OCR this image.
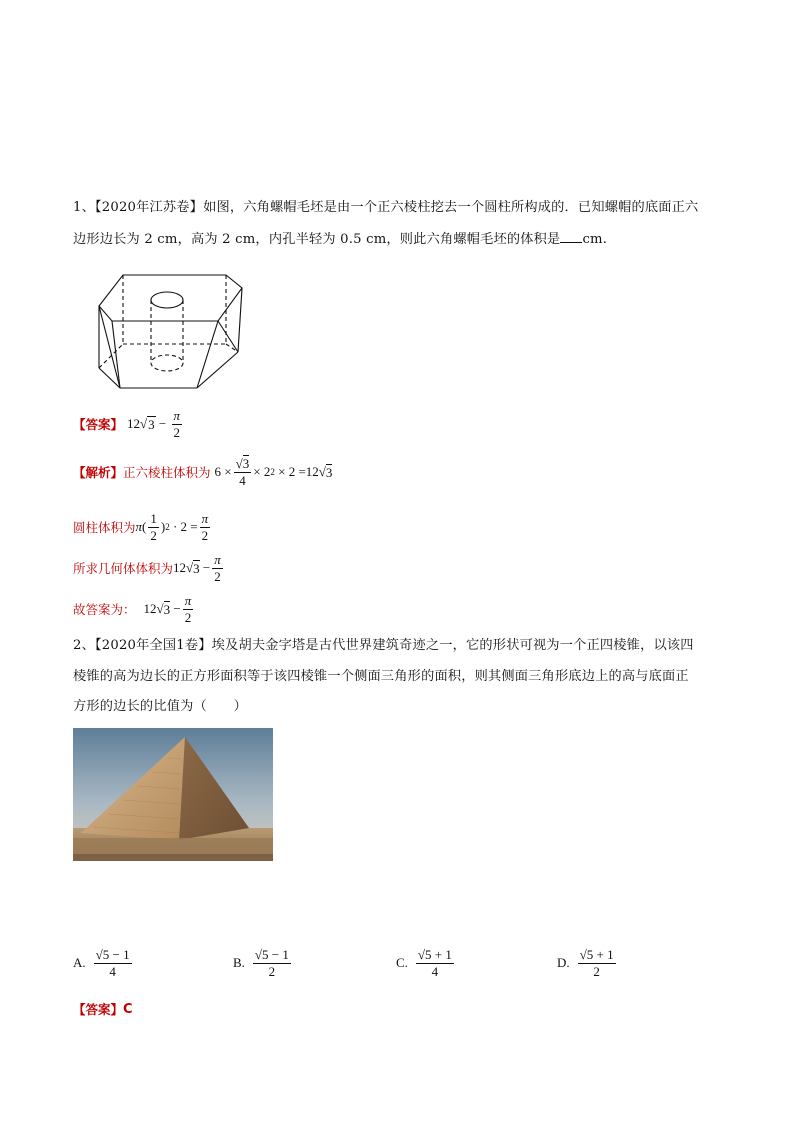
1、【2020年江苏卷】如图，六角螺帽毛坯是由一个正六棱柱挖去一个圆柱所构成的．已知螺帽的底面正六
边形边长为 2 cm，高为 2 cm，内孔半轻为 0.5 cm，则此六角螺帽毛坯的体积是 cm.
【答案】 12 √ $3 - \frac{\pi}{2}$
【解析】 正六棱柱体积为 $6 \times \frac{√3}{4} \times 2$ 2 × 2 =12√ 3
圆柱体积为 π ( $\frac{1}{2}$ ) $2 \cdot 2 = \frac{\pi}{2}$
所求几何体体积为 12√ $3 - \frac{\pi}{2}$
故答案为： 12√ $3 - \frac{\pi}{2}$
2、【2020年全国1卷】埃及胡夫金字塔是古代世界建筑奇迹之一，它的形状可视为一个正四棱锥，以该四
棱锥的高为边长的正方形面积等于该四棱锥一个侧面三角形的面积，则其侧面三角形底边上的高与底面正
方形的边长的比值为（　　）
A. $\frac{√5 - 1}{4}$	B. $\frac{√5 - 1}{2}$	C. $\frac{√5 + 1}{4}$	D. $\frac{√5 + 1}{2}$
【答案】 C
